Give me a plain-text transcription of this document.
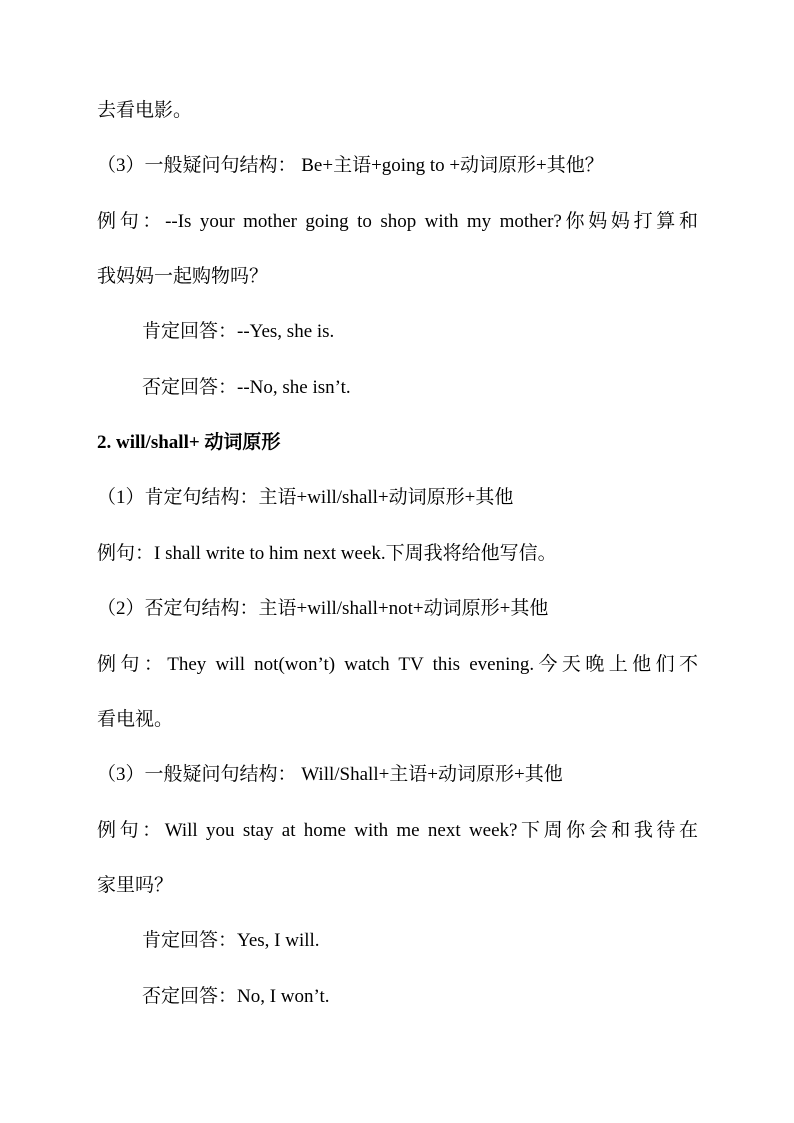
去看电影。
（3）一般疑问句结构： Be+主语+going to +动词原形+其他？
例句：--Is your mother going to shop with my mother?你妈妈打算和
我妈妈一起购物吗？
肯定回答：--Yes, she is.
否定回答：--No, she isn’t.
2. will/shall+ 动词原形
（1）肯定句结构：主语+will/shall+动词原形+其他
例句：I shall write to him next week.下周我将给他写信。
（2）否定句结构：主语+will/shall+not+动词原形+其他
例句：They will not(won’t) watch TV this evening.今天晚上他们不
看电视。
（3）一般疑问句结构： Will/Shall+主语+动词原形+其他
例句：Will you stay at home with me next week?下周你会和我待在
家里吗？
肯定回答：Yes, I will.
否定回答：No, I won’t.
